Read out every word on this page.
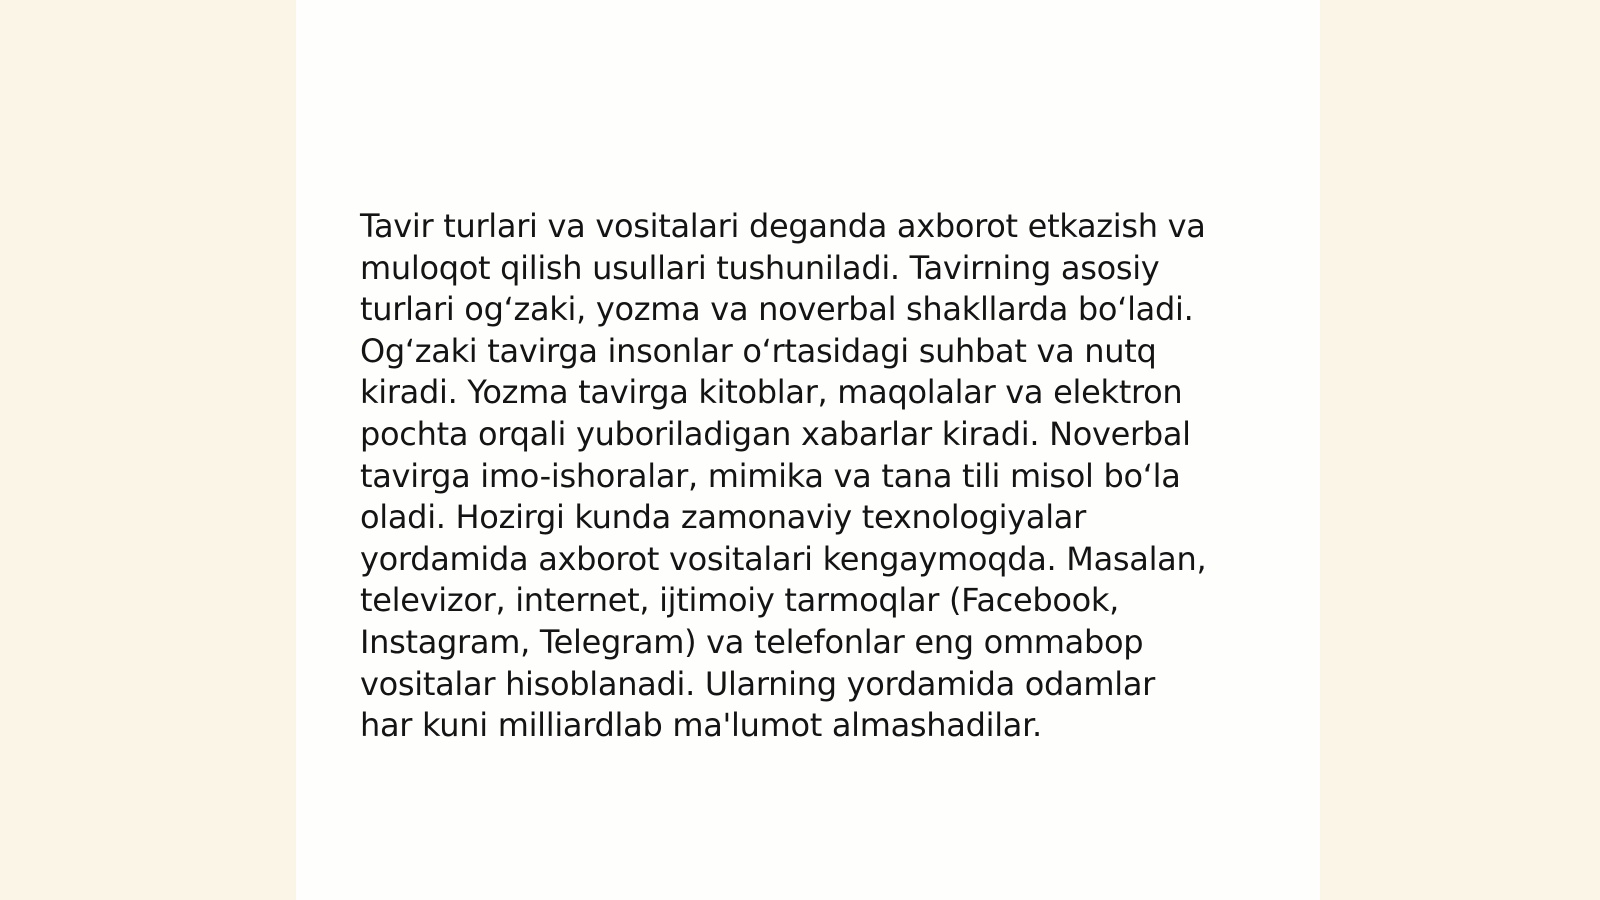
Tavir turlari va vositalari deganda axborot etkazish va
muloqot qilish usullari tushuniladi. Tavirning asosiy
turlari og‘zaki, yozma va noverbal shakllarda bo‘ladi.
Og‘zaki tavirga insonlar o‘rtasidagi suhbat va nutq
kiradi. Yozma tavirga kitoblar, maqolalar va elektron
pochta orqali yuboriladigan xabarlar kiradi. Noverbal
tavirga imo-ishoralar, mimika va tana tili misol bo‘la
oladi. Hozirgi kunda zamonaviy texnologiyalar
yordamida axborot vositalari kengaymoqda. Masalan,
televizor, internet, ijtimoiy tarmoqlar (Facebook,
Instagram, Telegram) va telefonlar eng ommabop
vositalar hisoblanadi. Ularning yordamida odamlar
har kuni milliardlab ma'lumot almashadilar.
